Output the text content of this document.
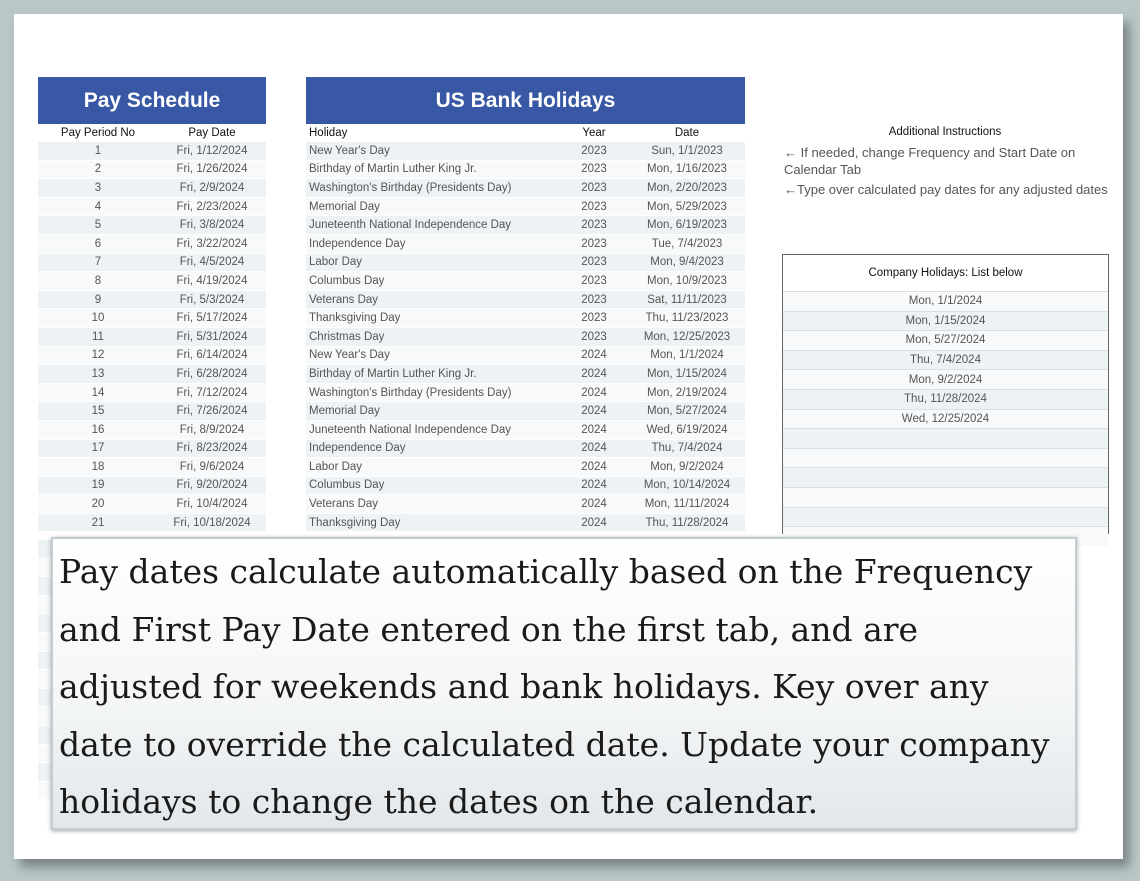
Pay Schedule
Pay Period No	Pay Date
1	Fri, 1/12/2024
2	Fri, 1/26/2024
3	Fri, 2/9/2024
4	Fri, 2/23/2024
5	Fri, 3/8/2024
6	Fri, 3/22/2024
7	Fri, 4/5/2024
8	Fri, 4/19/2024
9	Fri, 5/3/2024
10	Fri, 5/17/2024
11	Fri, 5/31/2024
12	Fri, 6/14/2024
13	Fri, 6/28/2024
14	Fri, 7/12/2024
15	Fri, 7/26/2024
16	Fri, 8/9/2024
17	Fri, 8/23/2024
18	Fri, 9/6/2024
19	Fri, 9/20/2024
20	Fri, 10/4/2024
21	Fri, 10/18/2024
US Bank Holidays
Holiday	Year	Date
New Year's Day	2023	Sun, 1/1/2023
Birthday of Martin Luther King Jr.	2023	Mon, 1/16/2023
Washington's Birthday (Presidents Day)	2023	Mon, 2/20/2023
Memorial Day	2023	Mon, 5/29/2023
Juneteenth National Independence Day	2023	Mon, 6/19/2023
Independence Day	2023	Tue, 7/4/2023
Labor Day	2023	Mon, 9/4/2023
Columbus Day	2023	Mon, 10/9/2023
Veterans Day	2023	Sat, 11/11/2023
Thanksgiving Day	2023	Thu, 11/23/2023
Christmas Day	2023	Mon, 12/25/2023
New Year's Day	2024	Mon, 1/1/2024
Birthday of Martin Luther King Jr.	2024	Mon, 1/15/2024
Washington's Birthday (Presidents Day)	2024	Mon, 2/19/2024
Memorial Day	2024	Mon, 5/27/2024
Juneteenth National Independence Day	2024	Wed, 6/19/2024
Independence Day	2024	Thu, 7/4/2024
Labor Day	2024	Mon, 9/2/2024
Columbus Day	2024	Mon, 10/14/2024
Veterans Day	2024	Mon, 11/11/2024
Thanksgiving Day	2024	Thu, 11/28/2024
Additional Instructions
← If needed, change Frequency and Start Date on Calendar Tab
←Type over calculated pay dates for any adjusted dates
Company Holidays: List below
Mon, 1/1/2024
Mon, 1/15/2024
Mon, 5/27/2024
Thu, 7/4/2024
Mon, 9/2/2024
Thu, 11/28/2024
Wed, 12/25/2024
Pay dates calculate automatically based on the Frequency and First Pay Date entered on the first tab, and are adjusted for weekends and bank holidays. Key over any date to override the calculated date. Update your company holidays to change the dates on the calendar.
